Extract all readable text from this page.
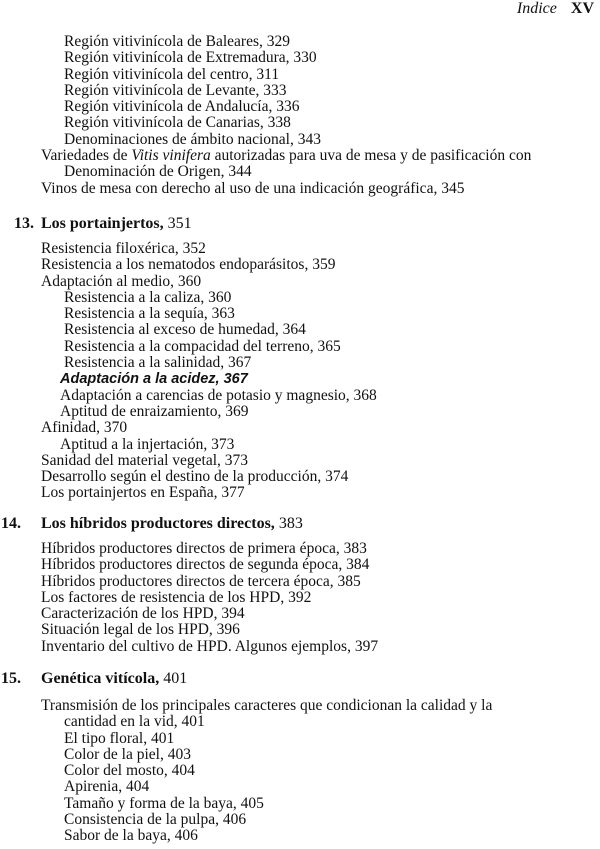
Indice XV
Región vitivinícola de Baleares, 329
Región vitivinícola de Extremadura, 330
Región vitivinícola del centro, 311
Región vitivinícola de Levante, 333
Región vitivinícola de Andalucía, 336
Región vitivinícola de Canarias, 338
Denominaciones de ámbito nacional, 343
Variedades de Vitis vinifera autorizadas para uva de mesa y de pasificación con
Denominación de Origen, 344
Vinos de mesa con derecho al uso de una indicación geográfica, 345
13. Los portainjertos, 351
Resistencia filoxérica, 352
Resistencia a los nematodos endoparásitos, 359
Adaptación al medio, 360
Resistencia a la caliza, 360
Resistencia a la sequía, 363
Resistencia al exceso de humedad, 364
Resistencia a la compacidad del terreno, 365
Resistencia a la salinidad, 367
Adaptación a la acidez, 367
Adaptación a carencias de potasio y magnesio, 368
Aptitud de enraizamiento, 369
Afinidad, 370
Aptitud a la injertación, 373
Sanidad del material vegetal, 373
Desarrollo según el destino de la producción, 374
Los portainjertos en España, 377
14. Los híbridos productores directos, 383
Híbridos productores directos de primera época, 383
Híbridos productores directos de segunda época, 384
Híbridos productores directos de tercera época, 385
Los factores de resistencia de los HPD, 392
Caracterización de los HPD, 394
Situación legal de los HPD, 396
Inventario del cultivo de HPD. Algunos ejemplos, 397
15. Genética vitícola, 401
Transmisión de los principales caracteres que condicionan la calidad y la
cantidad en la vid, 401
El tipo floral, 401
Color de la piel, 403
Color del mosto, 404
Apirenia, 404
Tamaño y forma de la baya, 405
Consistencia de la pulpa, 406
Sabor de la baya, 406
